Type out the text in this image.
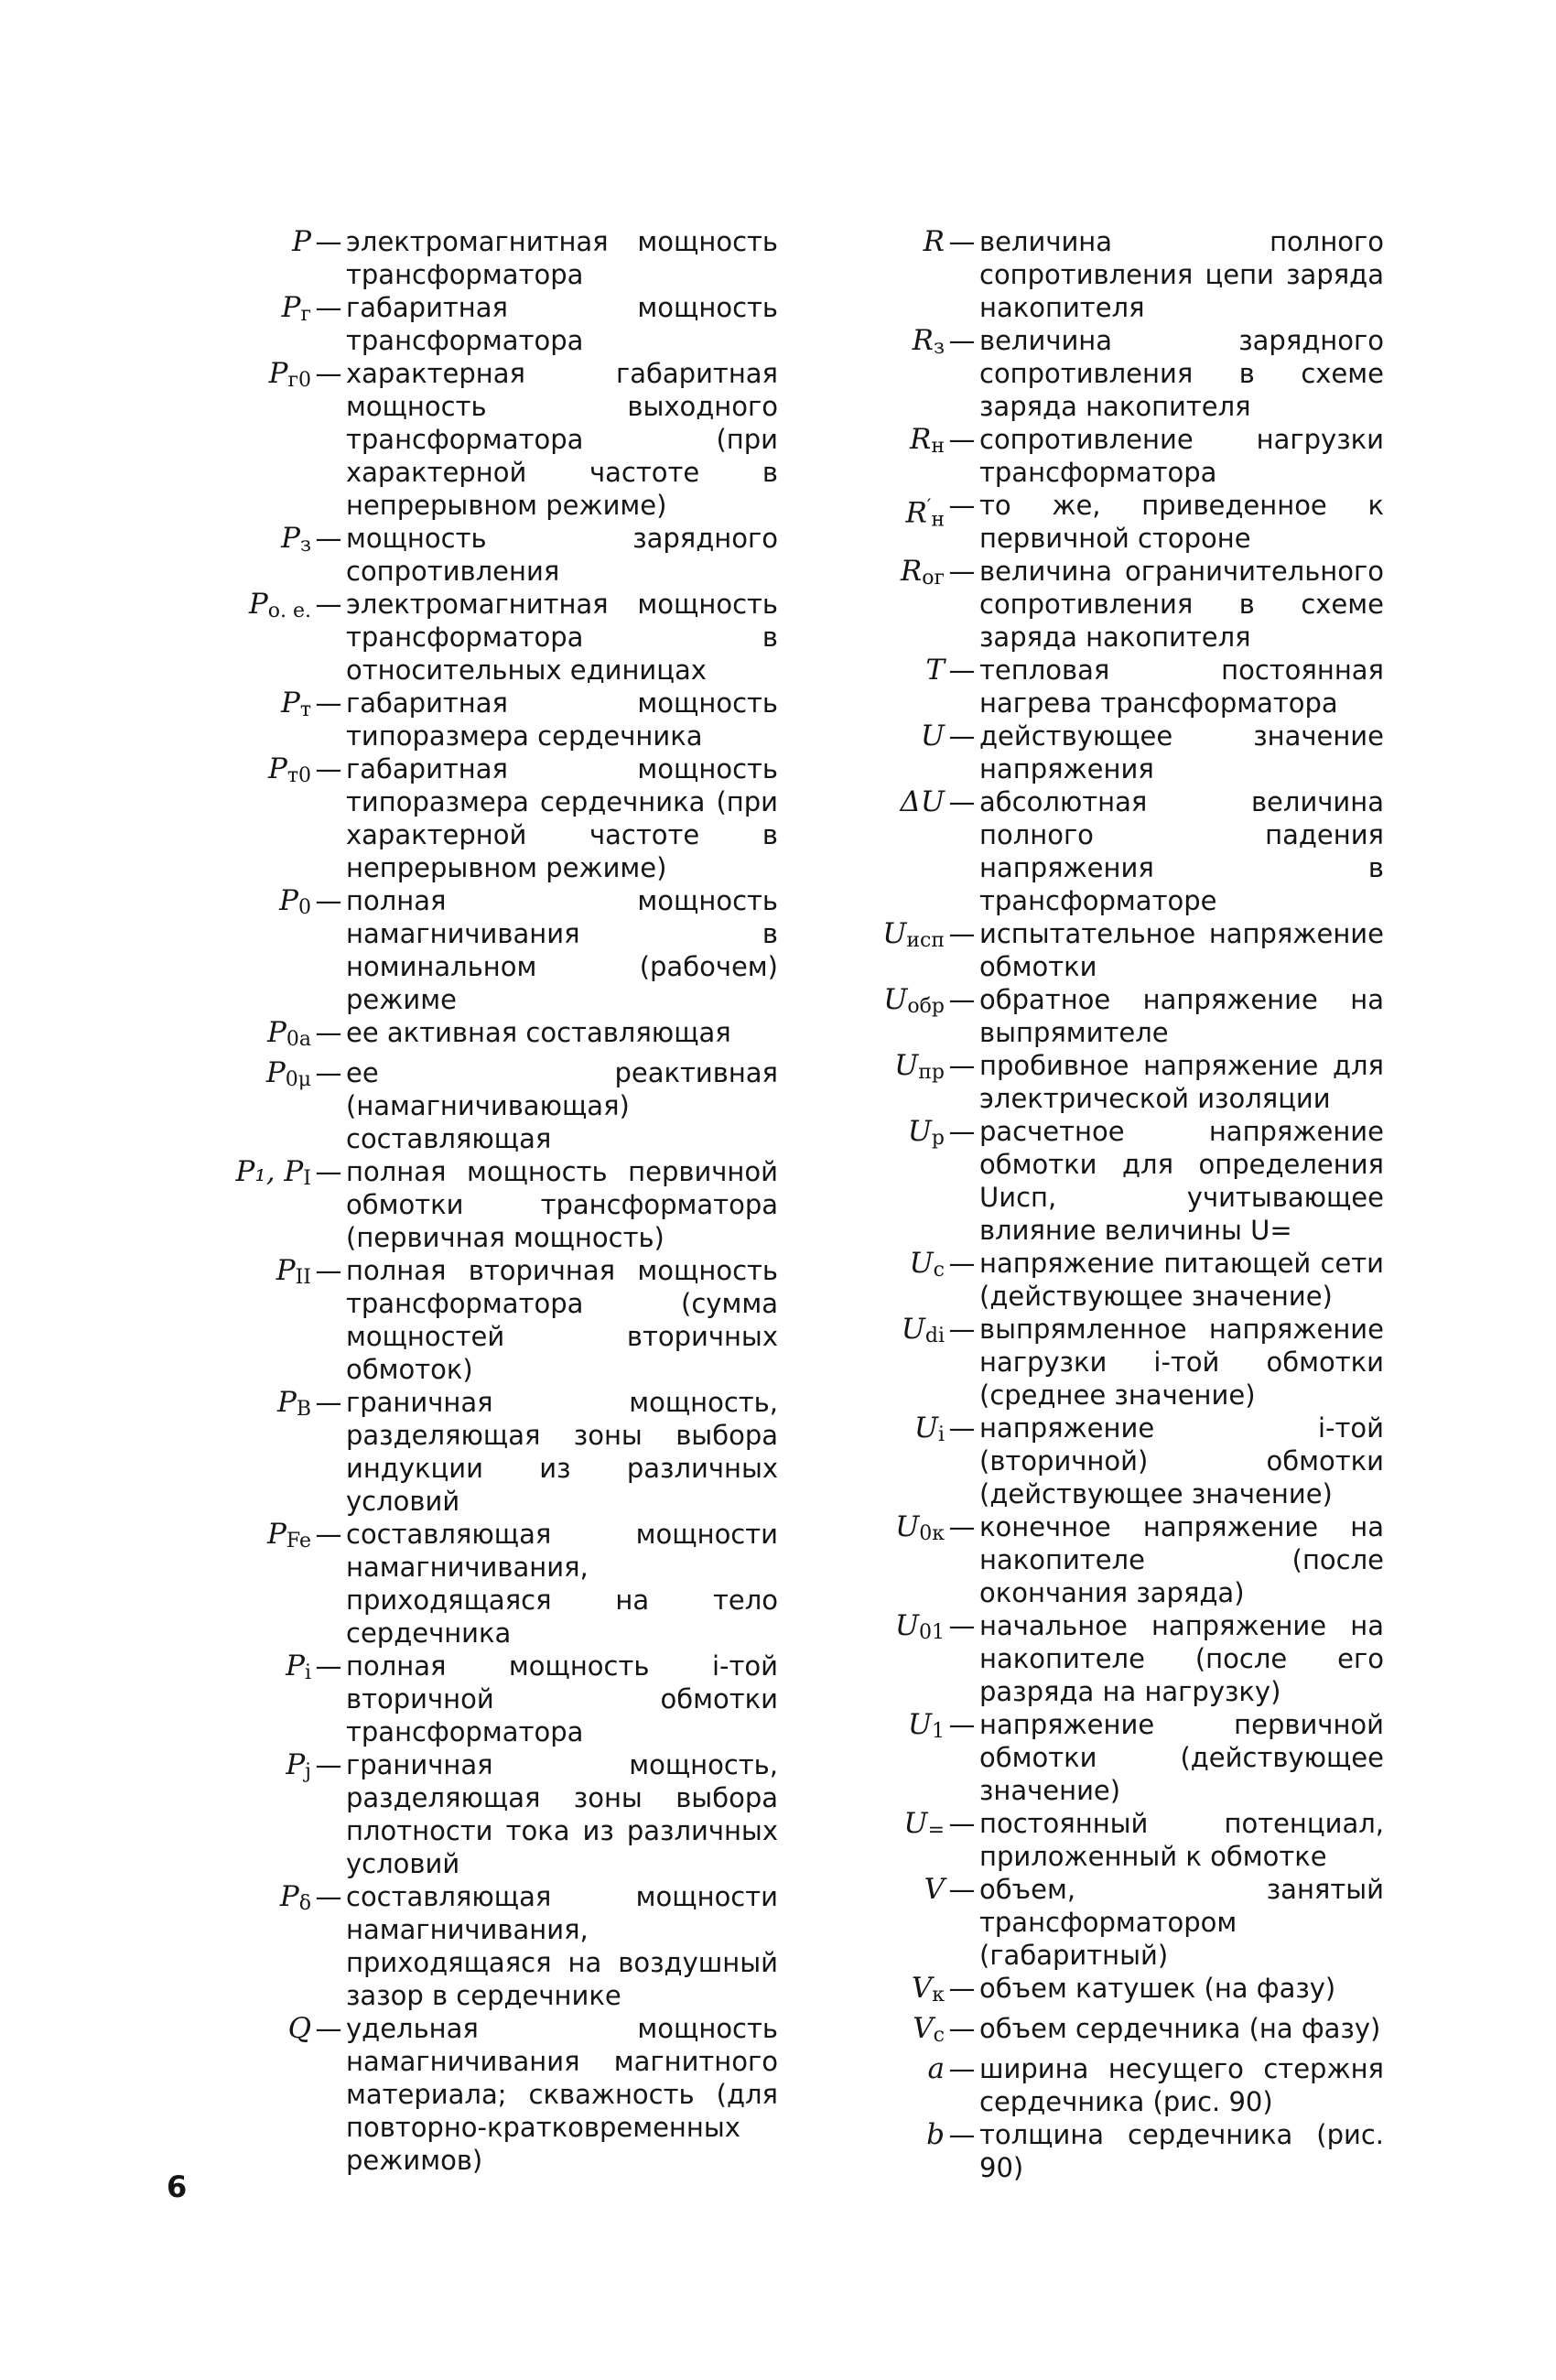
P — электромагнитная мощность трансформатора
$P_г$ — габаритная мощность трансформатора
$P_{г0}$ — характерная габаритная мощность выходного трансформатора (при характерной частоте в непрерывном режиме)
$P_з$ — мощность зарядного сопротивления
$P_{о. е.}$ — электромагнитная мощность трансформатора в относительных единицах
$P_т$ — габаритная мощность типоразмера сердечника
$P_{т0}$ — габаритная мощность типоразмера сердечника (при характерной частоте в непрерывном режиме)
$P_0$ — полная мощность намагничивания в номинальном (рабочем) режиме
$P_{0a}$ — ее активная составляющая
$P_{0\mu}$ — ее реактивная (намагничивающая) составляющая
P₁, $P_I$ — полная мощность первичной обмотки трансформатора (первичная мощность)
$P_{II}$ — полная вторичная мощность трансформатора (сумма мощностей вторичных обмоток)
$P_B$ — граничная мощность, разделяющая зоны выбора индукции из различных условий
$P_{Fe}$ — составляющая мощности намагничивания, приходящаяся на тело сердечника
$P_i$ — полная мощность i-той вторичной обмотки трансформатора
$P_j$ — граничная мощность, разделяющая зоны выбора плотности тока из различных условий
$P_\delta$ — составляющая мощности намагничивания, приходящаяся на воздушный зазор в сердечнике
Q — удельная мощность намагничивания магнитного материала; скважность (для повторно-кратковременных режимов)
R — величина полного сопротивления цепи заряда накопителя
$R_з$ — величина зарядного сопротивления в схеме заряда накопителя
$R_н$ — сопротивление нагрузки трансформатора
$R'_н$ — то же, приведенное к первичной стороне
$R_{ог}$ — величина ограничительного сопротивления в схеме заряда накопителя
T — тепловая постоянная нагрева трансформатора
U — действующее значение напряжения
ΔU — абсолютная величина полного падения напряжения в трансформаторе
$U_{исп}$ — испытательное напряжение обмотки
$U_{обр}$ — обратное напряжение на выпрямителе
$U_{пр}$ — пробивное напряжение для электрической изоляции
$U_р$ — расчетное напряжение обмотки для определения Uисп, учитывающее влияние величины U=
$U_c$ — напряжение питающей сети (действующее значение)
$U_{di}$ — выпрямленное напряжение нагрузки i-той обмотки (среднее значение)
$U_i$ — напряжение i-той (вторичной) обмотки (действующее значение)
$U_{0к}$ — конечное напряжение на накопителе (после окончания заряда)
$U_{01}$ — начальное напряжение на накопителе (после его разряда на нагрузку)
$U_1$ — напряжение первичной обмотки (действующее значение)
$U_=$ — постоянный потенциал, приложенный к обмотке
V — объем, занятый трансформатором (габаритный)
$V_к$ — объем катушек (на фазу)
$V_c$ — объем сердечника (на фазу)
a — ширина несущего стержня сердечника (рис. 90)
b — толщина сердечника (рис. 90)
6
